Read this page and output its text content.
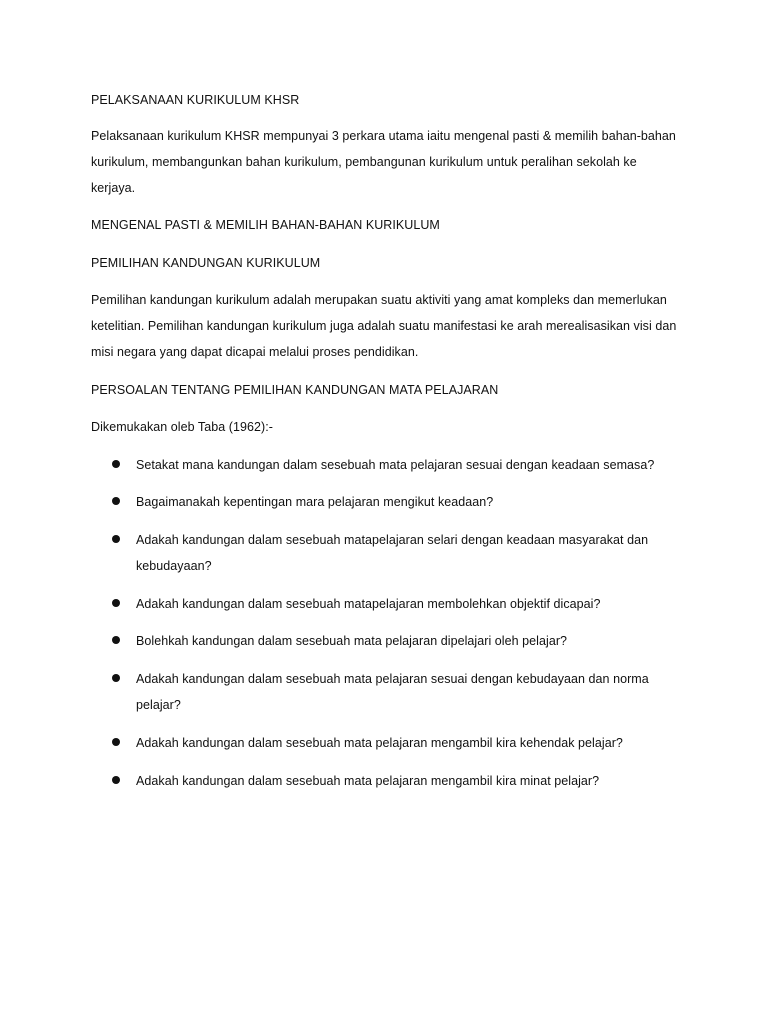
PELAKSANAAN KURIKULUM KHSR
Pelaksanaan kurikulum KHSR mempunyai 3 perkara utama iaitu mengenal pasti & memilih bahan-bahan
kurikulum, membangunkan bahan kurikulum, pembangunan kurikulum untuk peralihan sekolah ke
kerjaya.
MENGENAL PASTI & MEMILIH BAHAN-BAHAN KURIKULUM
PEMILIHAN KANDUNGAN KURIKULUM
Pemilihan kandungan kurikulum adalah merupakan suatu aktiviti yang amat kompleks dan memerlukan
ketelitian. Pemilihan kandungan kurikulum juga adalah suatu manifestasi ke arah merealisasikan visi dan
misi negara yang dapat dicapai melalui proses pendidikan.
PERSOALAN TENTANG PEMILIHAN KANDUNGAN MATA PELAJARAN
Dikemukakan oleb Taba (1962):-
Setakat mana kandungan dalam sesebuah mata pelajaran sesuai dengan keadaan semasa?
Bagaimanakah kepentingan mara pelajaran mengikut keadaan?
Adakah kandungan dalam sesebuah matapelajaran selari dengan keadaan masyarakat dan
kebudayaan?
Adakah kandungan dalam sesebuah matapelajaran membolehkan objektif dicapai?
Bolehkah kandungan dalam sesebuah mata pelajaran dipelajari oleh pelajar?
Adakah kandungan dalam sesebuah mata pelajaran sesuai dengan kebudayaan dan norma
pelajar?
Adakah kandungan dalam sesebuah mata pelajaran mengambil kira kehendak pelajar?
Adakah kandungan dalam sesebuah mata pelajaran mengambil kira minat pelajar?
